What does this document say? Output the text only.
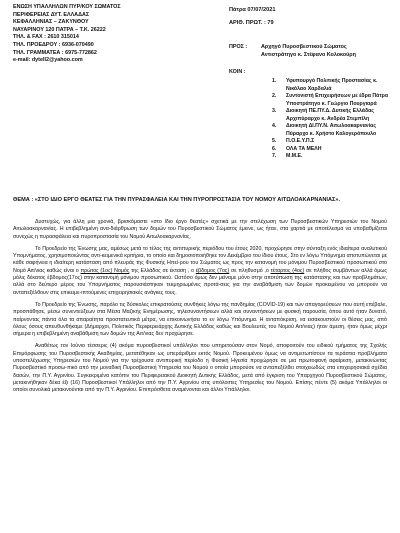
ΕΝΩΣΗ ΥΠΑΛΛΗΛΩΝ ΠΥΡ/ΚΟΥ ΣΩΜΑΤΟΣ
ΠΕΡΙΦΕΡΕΙΑΣ ΔΥΤ. ΕΛΛΑΔΑΣ
ΚΕΦΑΛΛΗΝΙΑΣ – ΖΑΚΥΝΘΟΥ
ΝΑΥΑΡΙΝΟΥ 120 ΠΑΤΡΑ – Τ.Κ. 26222
ΤΗΛ. & FAX : 2610 315014
ΤΗΛ. ΠΡΟΕΔΡΟΥ : 6936-070490
ΤΗΛ. ΓΡΑΜΜΑΤΕΑ : 6975-772862
e-mail: dytell2@yahoo.com
Πάτρα 07/07/2021
ΑΡΙΘ. ΠΡΩΤ. : 79
ΠΡΟΣ :	Αρχηγό Πυροσβεστικού Σώματος
Αντιστράτηγο κ. Στέφανο Κολοκούρη
ΚΟΙΝ :
1.	Υφυπουργό Πολιτικής Προστασίας κ. Νικόλαο Χαρδαλιά
2.	Συντονιστή Επιχειρήσεων με έδρα Πάτρα Υποστράτηγο κ. Γεώργιο Πουργιαρά
3.	Διοικητή ΠΕ.ΠΥ.Δ. Δυτικής Ελλάδας Αρχιπύραρχο κ. Ανδρέα Στεμπίλη
4.	Διοικητή ΔΙ.ΠΥ.Ν. Αιτωλοακαρνανίας Πύραρχο κ. Χρήστο Καλογερόπουλο
5.	Π.Ο.Ε.Υ.Π.Σ
6.	ΟΛΑ ΤΑ ΜΕΛΗ
7.	Μ.Μ.Ε.
ΘΕΜΑ : «ΣΤΟ ΙΔΙΟ ΕΡΓΟ ΘΕΑΤΕΣ ΓΙΑ ΤΗΝ ΠΥΡΑΣΦΑΛΕΙΑ ΚΑΙ ΤΗΝ ΠΥΡΟΠΡΟΣΤΑΣΙΑ ΤΟΥ ΝΟΜΟΥ ΑΙΤΩΛΟΑΚΑΡΝΑΝΙΑΣ».

Δυστυχώς, για άλλη μια χρονιά, βρισκόμαστε «στο ίδιο έργο θεατές» σχετικά με την στελέχωση των Πυροσβεστικών Υπηρεσιών του Νομού Αιτωλοακαρνανίας. Η επιβεβλημένη ανα-διάρθρωση των δομών του Πυροσβεστικού Σώματος έμεινε, ως ήταν, στα χαρτιά με αποτέλεσμα να υποβαθμίζεται συνεχώς η πυρασφάλεια και πυροπροστασία του Νομού Αιτωλοακαρνανίας.

Το Προεδρείο της Ένωσης μας, αμέσως μετά το τέλος της αντιπυρικής περιόδου του έτους 2020, προχώρησε στην σύνταξη ενός ιδιαίτερα αναλυτικού Υπομνήματος, χρησιμοποιώντας αντι-κειμενικά κριτήρια, το οποίο και δημοσιοποιήθηκε τον Δεκέμβριο του ίδιου έτους. Στο εν λόγω Υπόμνημα αποτυπώνεται με κάθε σαφήνεια η ιδιαίτερη κατάσταση από πλευράς της Φυσικής Ηπεί-ρου του Σώματος ως προς την κατανομή του μόνιμου Πυροσβεστικού προσωπικού στο Νομό Αιτ/νιας καθώς είναι ο πρώτος (1ος) Νομός της Ελλάδος σε έκταση , ο έβδομος (7ος) σε πληθυσμό ,ο τέταρτος (4ος) σε πλήθος συμβάντων αλλά όμως μόλις δέκατος έβδομος(17ος) στην κατανομή μόνιμου προσωπικού. Ωστόσο όμως δεν μείναμε μόνο στην αποτύπωση της κατάστασης και των προβλημάτων, αλλά στο δεύτερο μέρος του Υπομνήματος παρουσιάστηκαν τεκμηριωμένες προτά-σεις για την αναβάθμιση των δομών προκειμένου να μπορούν να ανταπεξέλθουν στις επικειμε-ιπτούμενες επιχειρησιακές ανάγκες τους.

Το Προεδρείο της Ένωσης, παρόλο τις δύσκολες επικρατούσες συνθήκες λόγω της πανδημίας (COVID-19) και των απαγορεύσεων που αυτή επέβαλε, προσπάθησε, μέσω συνεντεύξεων στα Μέσα Μαζικής Ενημέρωσης, τηλεσυναντήσεων αλλά και συναντήσεων με φυσική παρουσία, όπου αυτό ήταν δυνατό, παίρνοντας πάντα όλα τα απαραίτητα προστατευτικά μέτρα, να επικοινωνήσει το εν λόγω Υπόμνημα. Η ανταπόκριση, να εισακουστούν οι θέσεις μας, από όλους όσους απευθυνθήκαμε (Δήμαρχοι, Πολιτικός Περιφερειάρχης Δυτικής Ελλάδας καθώς και Βουλευτές του Νομού Αιτ/νιας) ήταν άμεση, ήταν όμως μέχρι σήμερα η επιβεβλημένη αναβάθμιση των δομών της Αιτ/νιας δεν προχώρησε.

Αναθέτως τον Ιούνιο τέσσερις (4) ακόμα πυροσβεστικοί υπάλληλοι που υπηρετούσαν στον Νομό, αποφοιτούν του ειδικού τμήματος της Σχολής Επιμόρφωσης του Πυροσβεστικής Ακαδημίας, μετατέθηκαν ως υπεράριθμοι εκτός Νομού. Προκειμένου όμως να αντιμετωπίσουν τα τεράστια προβλήματα υποστελέχωσης Υπηρεσιών του Νομού για την τρέχουσα αντιπυρική περίοδο η Φυσική Ηγεσία προχώρησε σε μια πρωτοφανή αφαίρεση, μετακινώντας Πυροσβεστικό προσω-πικό από την μοναδική Πυροσβεστική Υπηρεσία του Νομού ο οποία μπορούσε να ανταπεξέλθει στοιχειωδώς στα επιχειρησιακά σχέδια δασών, την Π.Υ. Αγρινίου. Συγκεκριμένα κατόπιν του Περιφερειακού Διοικητή Δυτικής Ελλάδος, μετά από έγκριση του Υπαρχηγού Πυροσβεστικού Σώματος, μετακινήθηκαν δέκα έξι (16) Πυροσβεστικοί Υπάλληλοι από την Π.Υ. Αγρινίου στις υπόλοιπες Υπηρεσίες του Νομού. Επίσης πέντε (5) ακόμα Υπάλληλοι οι οποίοι συνολικά μετακινούνται από την Π.Υ. Αγρινίου. Επιπρόσθετα αναμένονται και άλλοι Υπάλληλοι.
